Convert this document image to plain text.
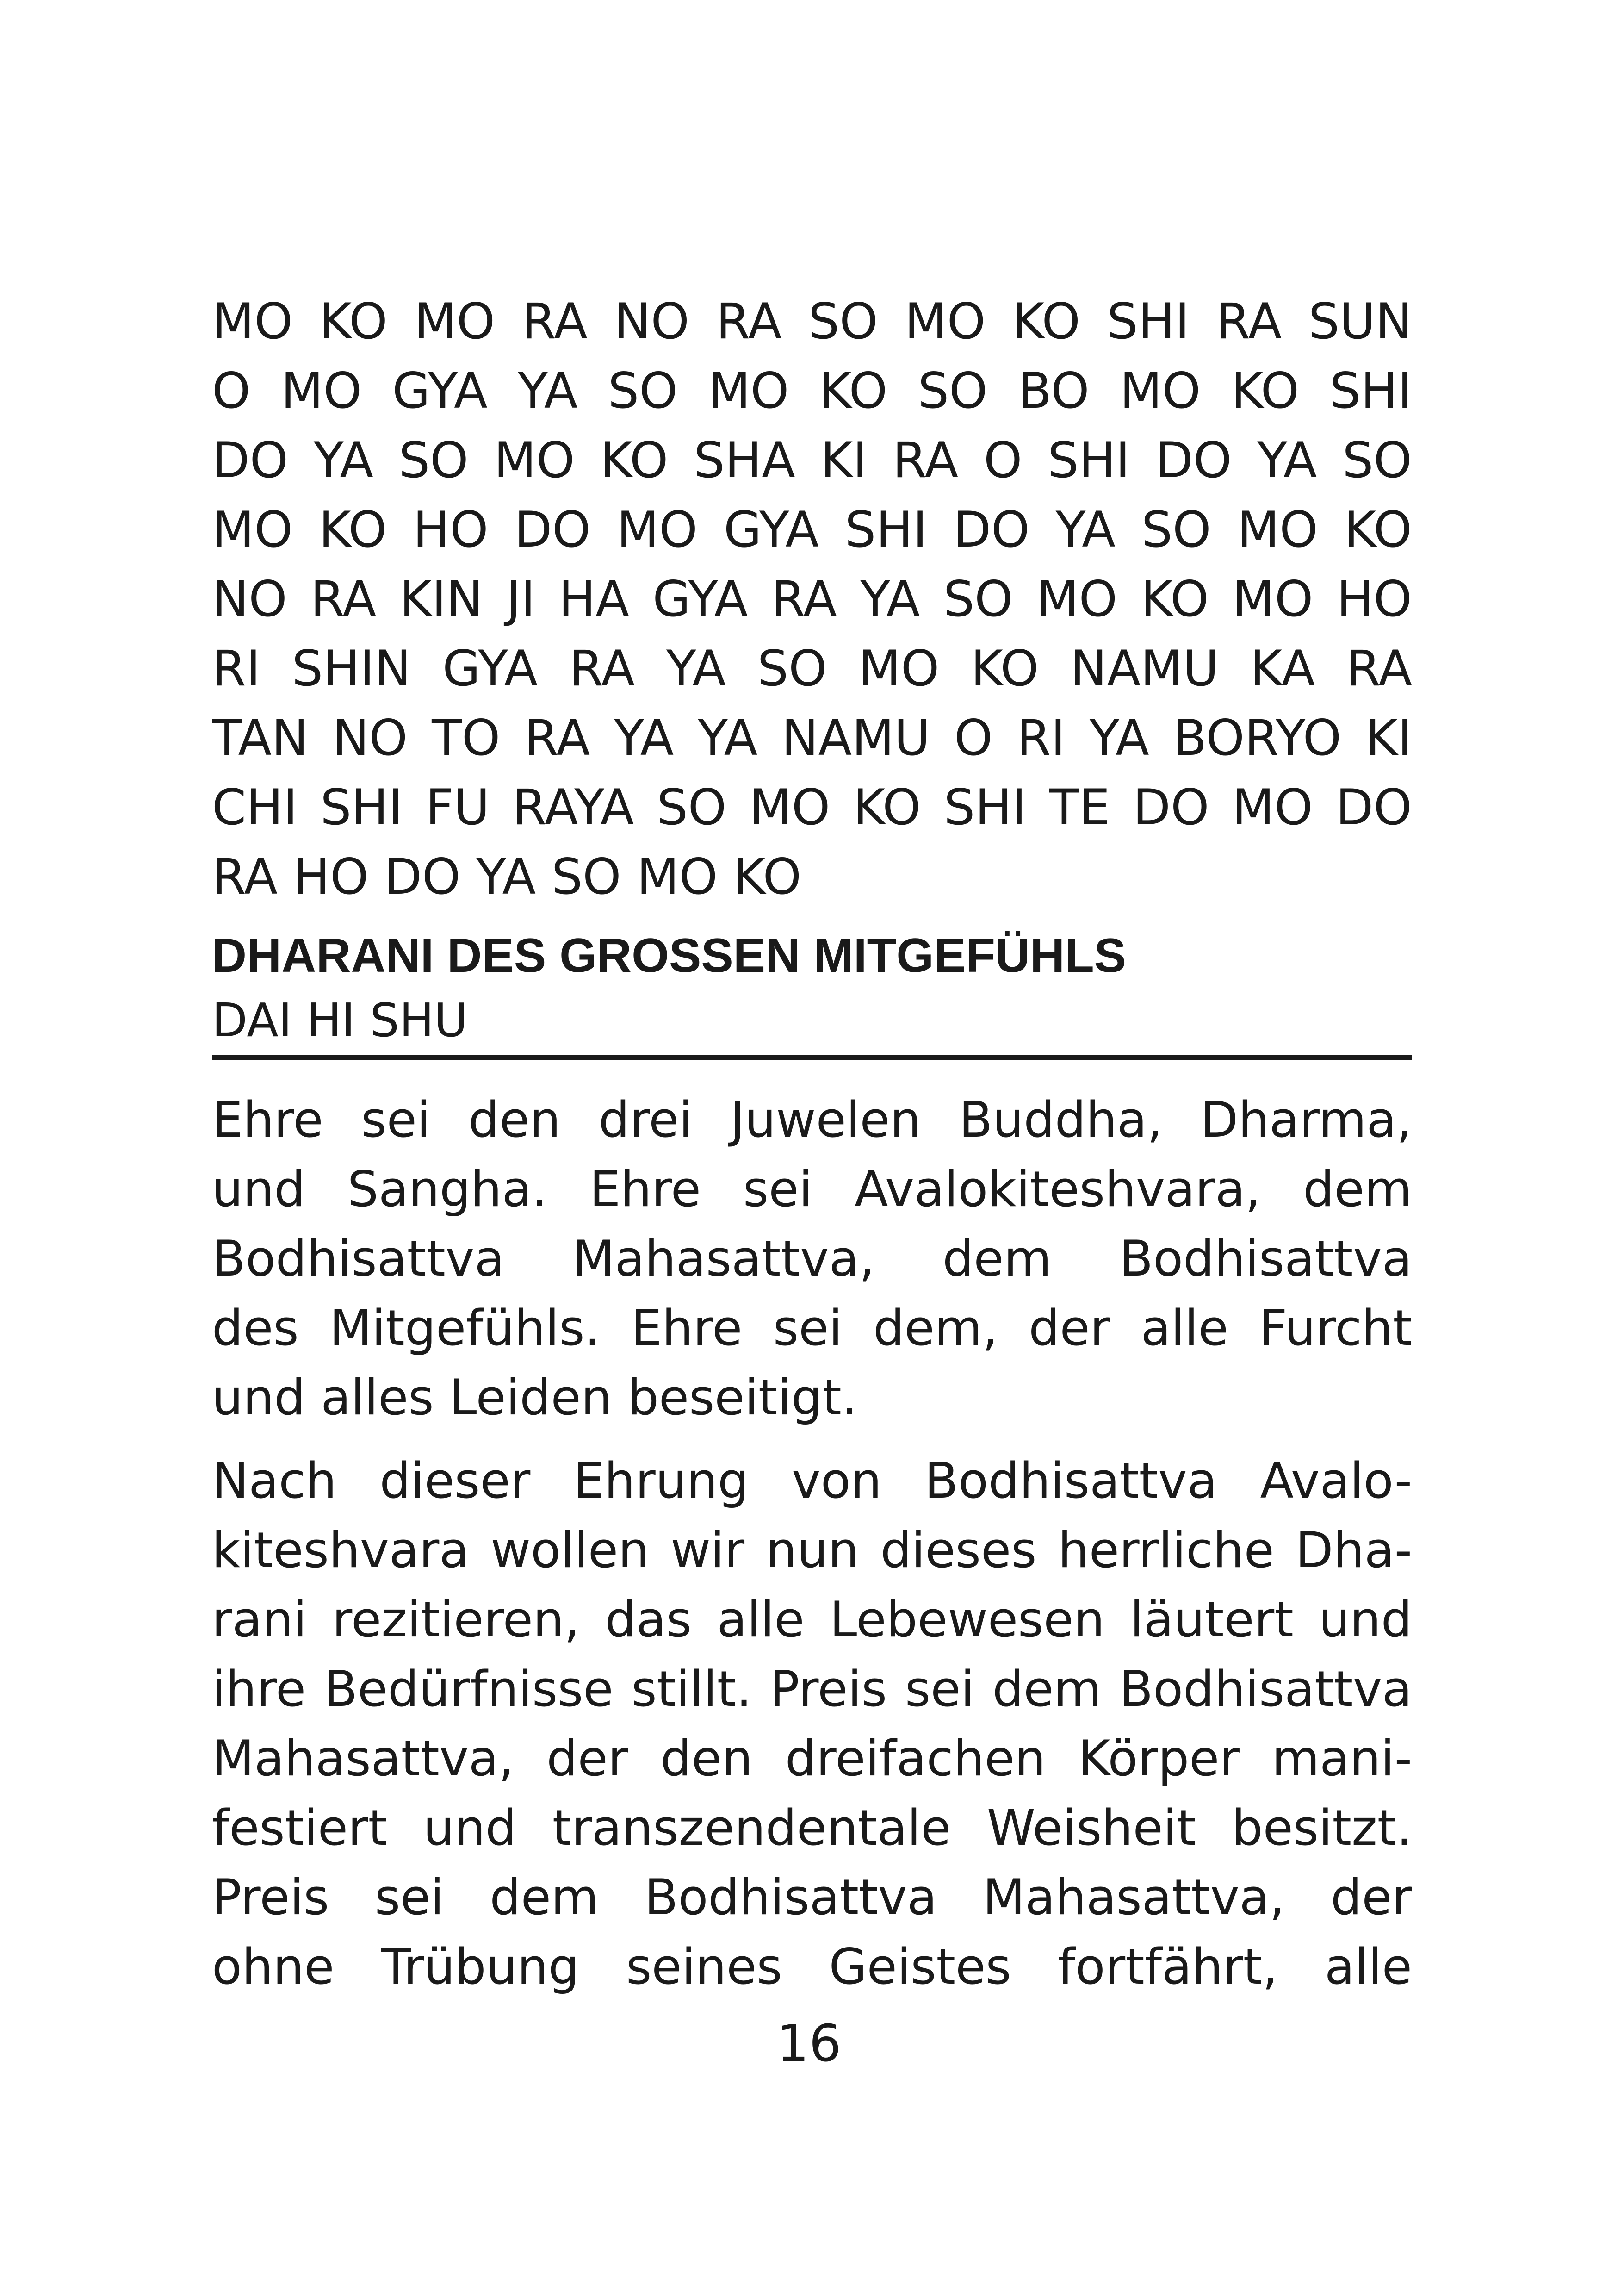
MO KO MO RA NO RA SO MO KO SHI RA SUN
O MO GYA YA SO MO KO SO BO MO KO SHI
DO YA SO MO KO SHA KI RA O SHI DO YA SO
MO KO HO DO MO GYA SHI DO YA SO MO KO
NO RA KIN JI HA GYA RA YA SO MO KO MO HO
RI SHIN GYA RA YA SO MO KO NAMU KA RA
TAN NO TO RA YA YA NAMU O RI YA BORYO KI
CHI SHI FU RAYA SO MO KO SHI TE DO MO DO
RA HO DO YA SO MO KO
DHARANI DES GROSSEN MITGEFÜHLS
DAI HI SHU
Ehre sei den drei Juwelen Buddha, Dharma,
und Sangha. Ehre sei Avalokiteshvara, dem
Bodhisattva Mahasattva, dem Bodhisattva
des Mitgefühls. Ehre sei dem, der alle Furcht
und alles Leiden beseitigt.
Nach dieser Ehrung von Bodhisattva Avalo-
kiteshvara wollen wir nun dieses herrliche Dha-
rani rezitieren, das alle Lebewesen läutert und
ihre Bedürfnisse stillt. Preis sei dem Bodhisattva
Mahasattva, der den dreifachen Körper mani-
festiert und transzendentale Weisheit besitzt.
Preis sei dem Bodhisattva Mahasattva, der
ohne Trübung seines Geistes fortfährt, alle
16
